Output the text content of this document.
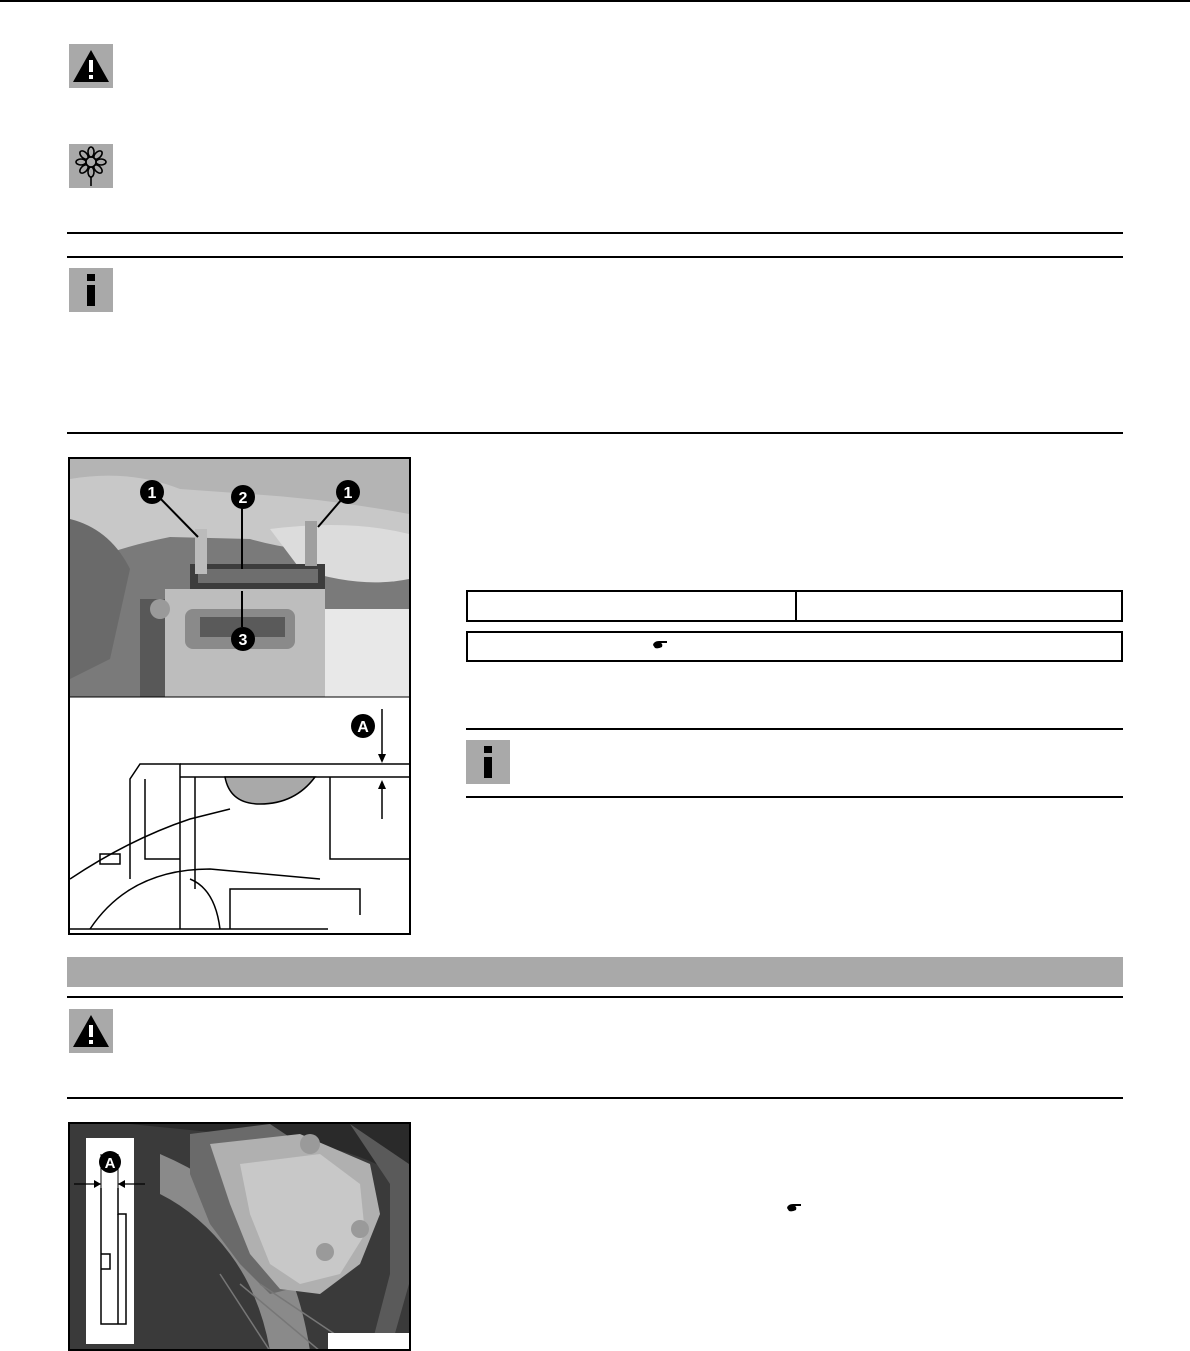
1	2	1
3
A
A
